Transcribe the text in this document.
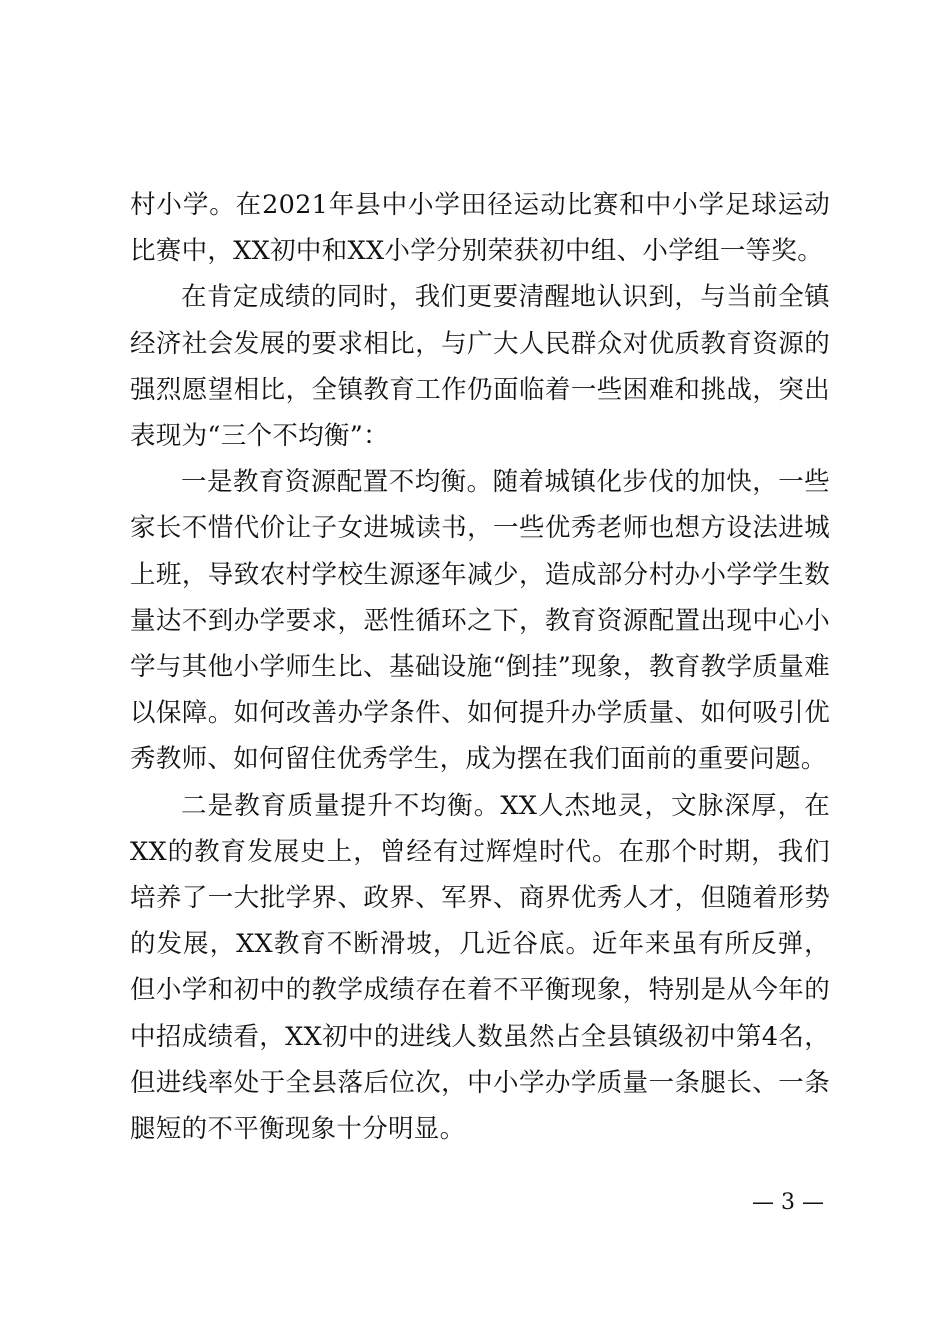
村小学。在2021年县中小学田径运动比赛和中小学足球运动比赛中，XX初中和XX小学分别荣获初中组、小学组一等奖。

在肯定成绩的同时，我们更要清醒地认识到，与当前全镇经济社会发展的要求相比，与广大人民群众对优质教育资源的强烈愿望相比，全镇教育工作仍面临着一些困难和挑战，突出表现为“三个不均衡”：

一是教育资源配置不均衡。随着城镇化步伐的加快，一些家长不惜代价让子女进城读书，一些优秀老师也想方设法进城上班，导致农村学校生源逐年减少，造成部分村办小学学生数量达不到办学要求，恶性循环之下，教育资源配置出现中心小学与其他小学师生比、基础设施“倒挂”现象，教育教学质量难以保障。如何改善办学条件、如何提升办学质量、如何吸引优秀教师、如何留住优秀学生，成为摆在我们面前的重要问题。

二是教育质量提升不均衡。XX人杰地灵，文脉深厚，在XX的教育发展史上，曾经有过辉煌时代。在那个时期，我们培养了一大批学界、政界、军界、商界优秀人才，但随着形势的发展，XX教育不断滑坡，几近谷底。近年来虽有所反弹，但小学和初中的教学成绩存在着不平衡现象，特别是从今年的中招成绩看，XX初中的进线人数虽然占全县镇级初中第4名，但进线率处于全县落后位次，中小学办学质量一条腿长、一条腿短的不平衡现象十分明显。

— 3 —
